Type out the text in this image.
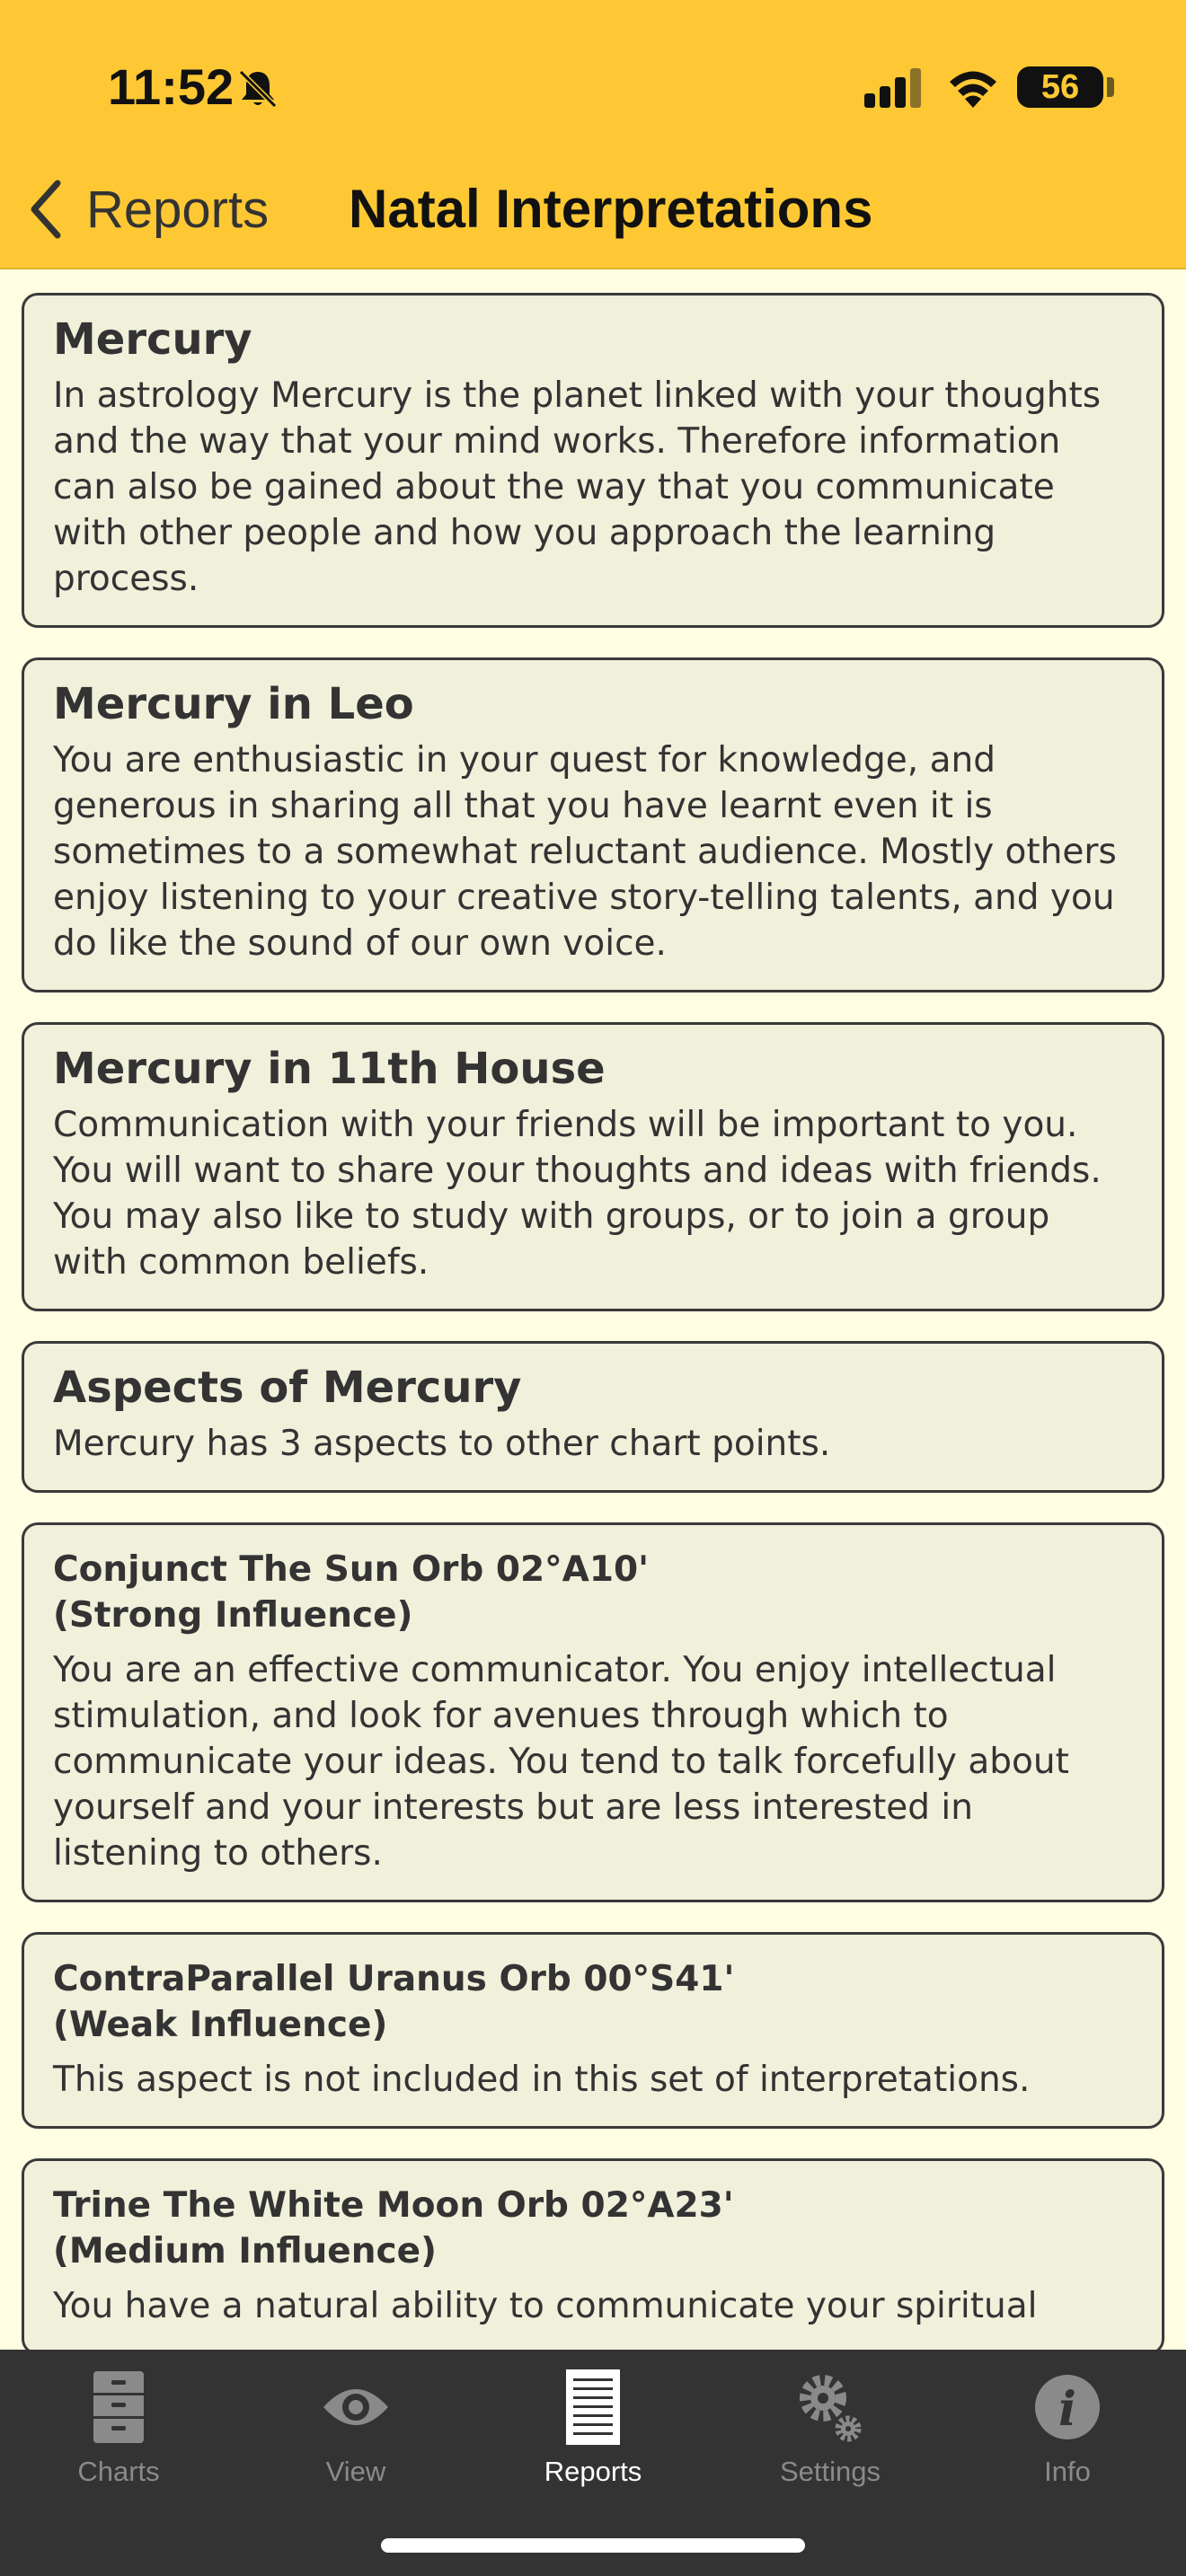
11:52	56
Reports Natal Interpretations
Mercury

In astrology Mercury is the planet linked with your thoughts and the way that your mind works. Therefore information can also be gained about the way that you communicate with other people and how you approach the learning process.

Mercury in Leo

You are enthusiastic in your quest for knowledge, and generous in sharing all that you have learnt even it is sometimes to a somewhat reluctant audience. Mostly others enjoy listening to your creative story-telling talents, and you do like the sound of our own voice.

Mercury in 11th House

Communication with your friends will be important to you. You will want to share your thoughts and ideas with friends. You may also like to study with groups, or to join a group with common beliefs.

Aspects of Mercury

Mercury has 3 aspects to other chart points.

Conjunct The Sun Orb 02°A10'
(Strong Influence)

You are an effective communicator. You enjoy intellectual stimulation, and look for avenues through which to communicate your ideas. You tend to talk forcefully about yourself and your interests but are less interested in listening to others.

ContraParallel Uranus Orb 00°S41'
(Weak Influence)

This aspect is not included in this set of interpretations.

Trine The White Moon Orb 02°A23'
(Medium Influence)

You have a natural ability to communicate your spiritual

Charts	View	Reports	Settings
i
Info
